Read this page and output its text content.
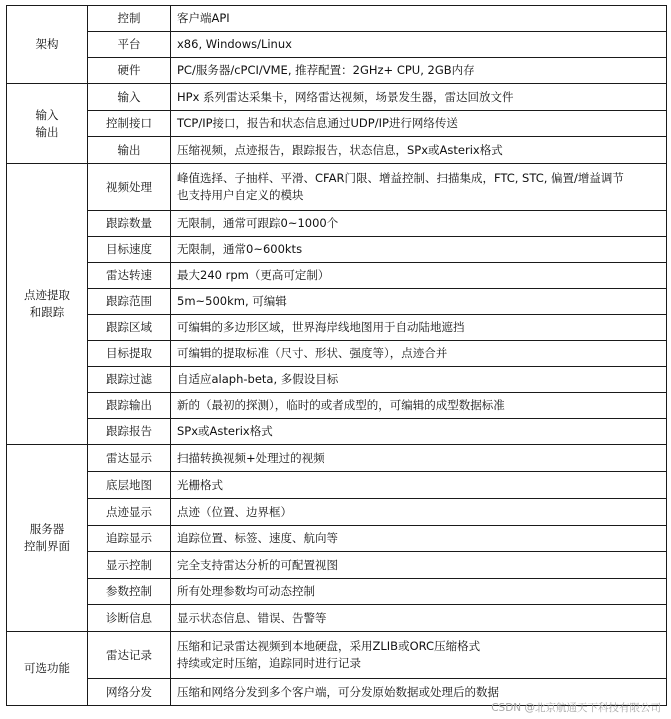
架构	控制	客户端API

	平台	x86, Windows/Linux

	硬件	PC/服务器/cPCI/VME, 推荐配置：2GHz+ CPU, 2GB内存

输入
输出	输入	HPx 系列雷达采集卡，网络雷达视频，场景发生器，雷达回放文件

	控制接口	TCP/IP接口，报告和状态信息通过UDP/IP进行网络传送

	输出	压缩视频，点迹报告，跟踪报告，状态信息，SPx或Asterix格式

点迹提取
和跟踪	视频处理	峰值选择、子抽样、平滑、CFAR门限、增益控制、扫描集成，FTC, STC, 偏置/增益调节
也支持用户自定义的模块

	跟踪数量	无限制，通常可跟踪0~1000个

	目标速度	无限制，通常0~600kts

	雷达转速	最大240 rpm（更高可定制）

	跟踪范围	5m~500km, 可编辑

	跟踪区域	可编辑的多边形区域，世界海岸线地图用于自动陆地遮挡

	目标提取	可编辑的提取标准（尺寸、形状、强度等），点迹合并

	跟踪过滤	自适应alaph-beta, 多假设目标

	跟踪输出	新的（最初的探测），临时的或者成型的，可编辑的成型数据标准

	跟踪报告	SPx或Asterix格式

服务器
控制界面	雷达显示	扫描转换视频+处理过的视频

	底层地图	光栅格式

	点迹显示	点迹（位置、边界框）

	追踪显示	追踪位置、标签、速度、航向等

	显示控制	完全支持雷达分析的可配置视图

	参数控制	所有处理参数均可动态控制

	诊断信息	显示状态信息、错误、告警等

可选功能	雷达记录	压缩和记录雷达视频到本地硬盘，采用ZLIB或ORC压缩格式
持续或定时压缩，追踪同时进行记录

	网络分发	压缩和网络分发到多个客户端，可分发原始数据或处理后的数据
CSDN @北京航通天下科技有限公司
